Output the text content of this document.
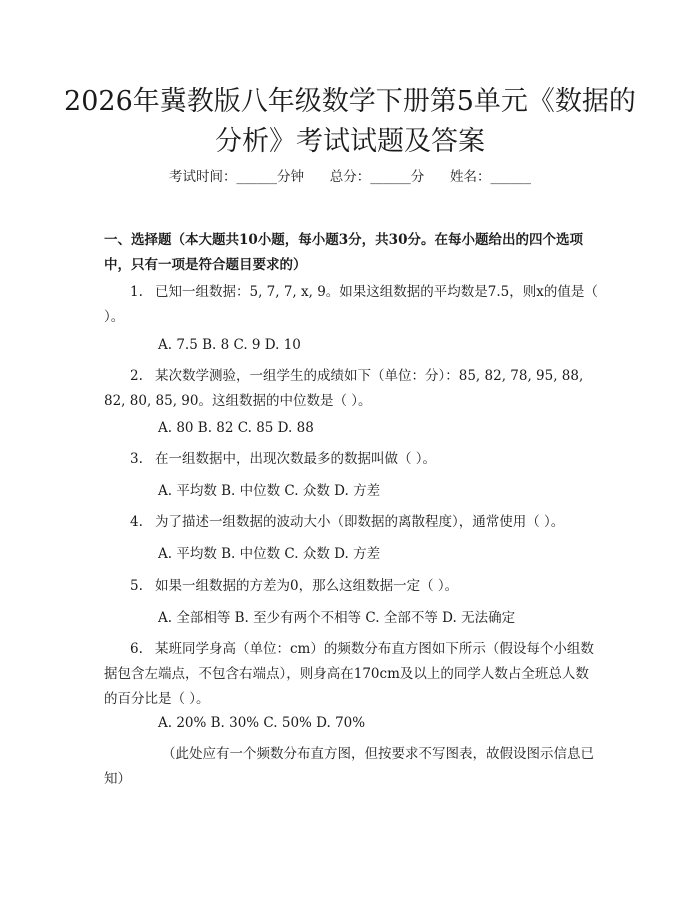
2026年冀教版八年级数学下册第5单元《数据的分析》考试试题及答案
考试时间：______分钟      总分：______分      姓名：______
一、选择题（本大题共10小题，每小题3分，共30分。在每小题给出的四个选项中，只有一项是符合题目要求的）

1. 已知一组数据：5, 7, 7, x, 9。如果这组数据的平均数是7.5，则x的值是（ ）。

A. 7.5 B. 8 C. 9 D. 10

2. 某次数学测验，一组学生的成绩如下（单位：分）：85, 82, 78, 95, 88, 82, 80, 85, 90。这组数据的中位数是（ ）。

A. 80 B. 82 C. 85 D. 88

3. 在一组数据中，出现次数最多的数据叫做（ ）。

A. 平均数 B. 中位数 C. 众数 D. 方差

4. 为了描述一组数据的波动大小（即数据的离散程度），通常使用（ ）。

A. 平均数 B. 中位数 C. 众数 D. 方差

5. 如果一组数据的方差为0，那么这组数据一定（ ）。

A. 全部相等 B. 至少有两个不相等 C. 全部不等 D. 无法确定

6. 某班同学身高（单位：cm）的频数分布直方图如下所示（假设每个小组数据包含左端点，不包含右端点），则身高在170cm及以上的同学人数占全班总人数的百分比是（ ）。

A. 20% B. 30% C. 50% D. 70%

（此处应有一个频数分布直方图，但按要求不写图表，故假设图示信息已知）
